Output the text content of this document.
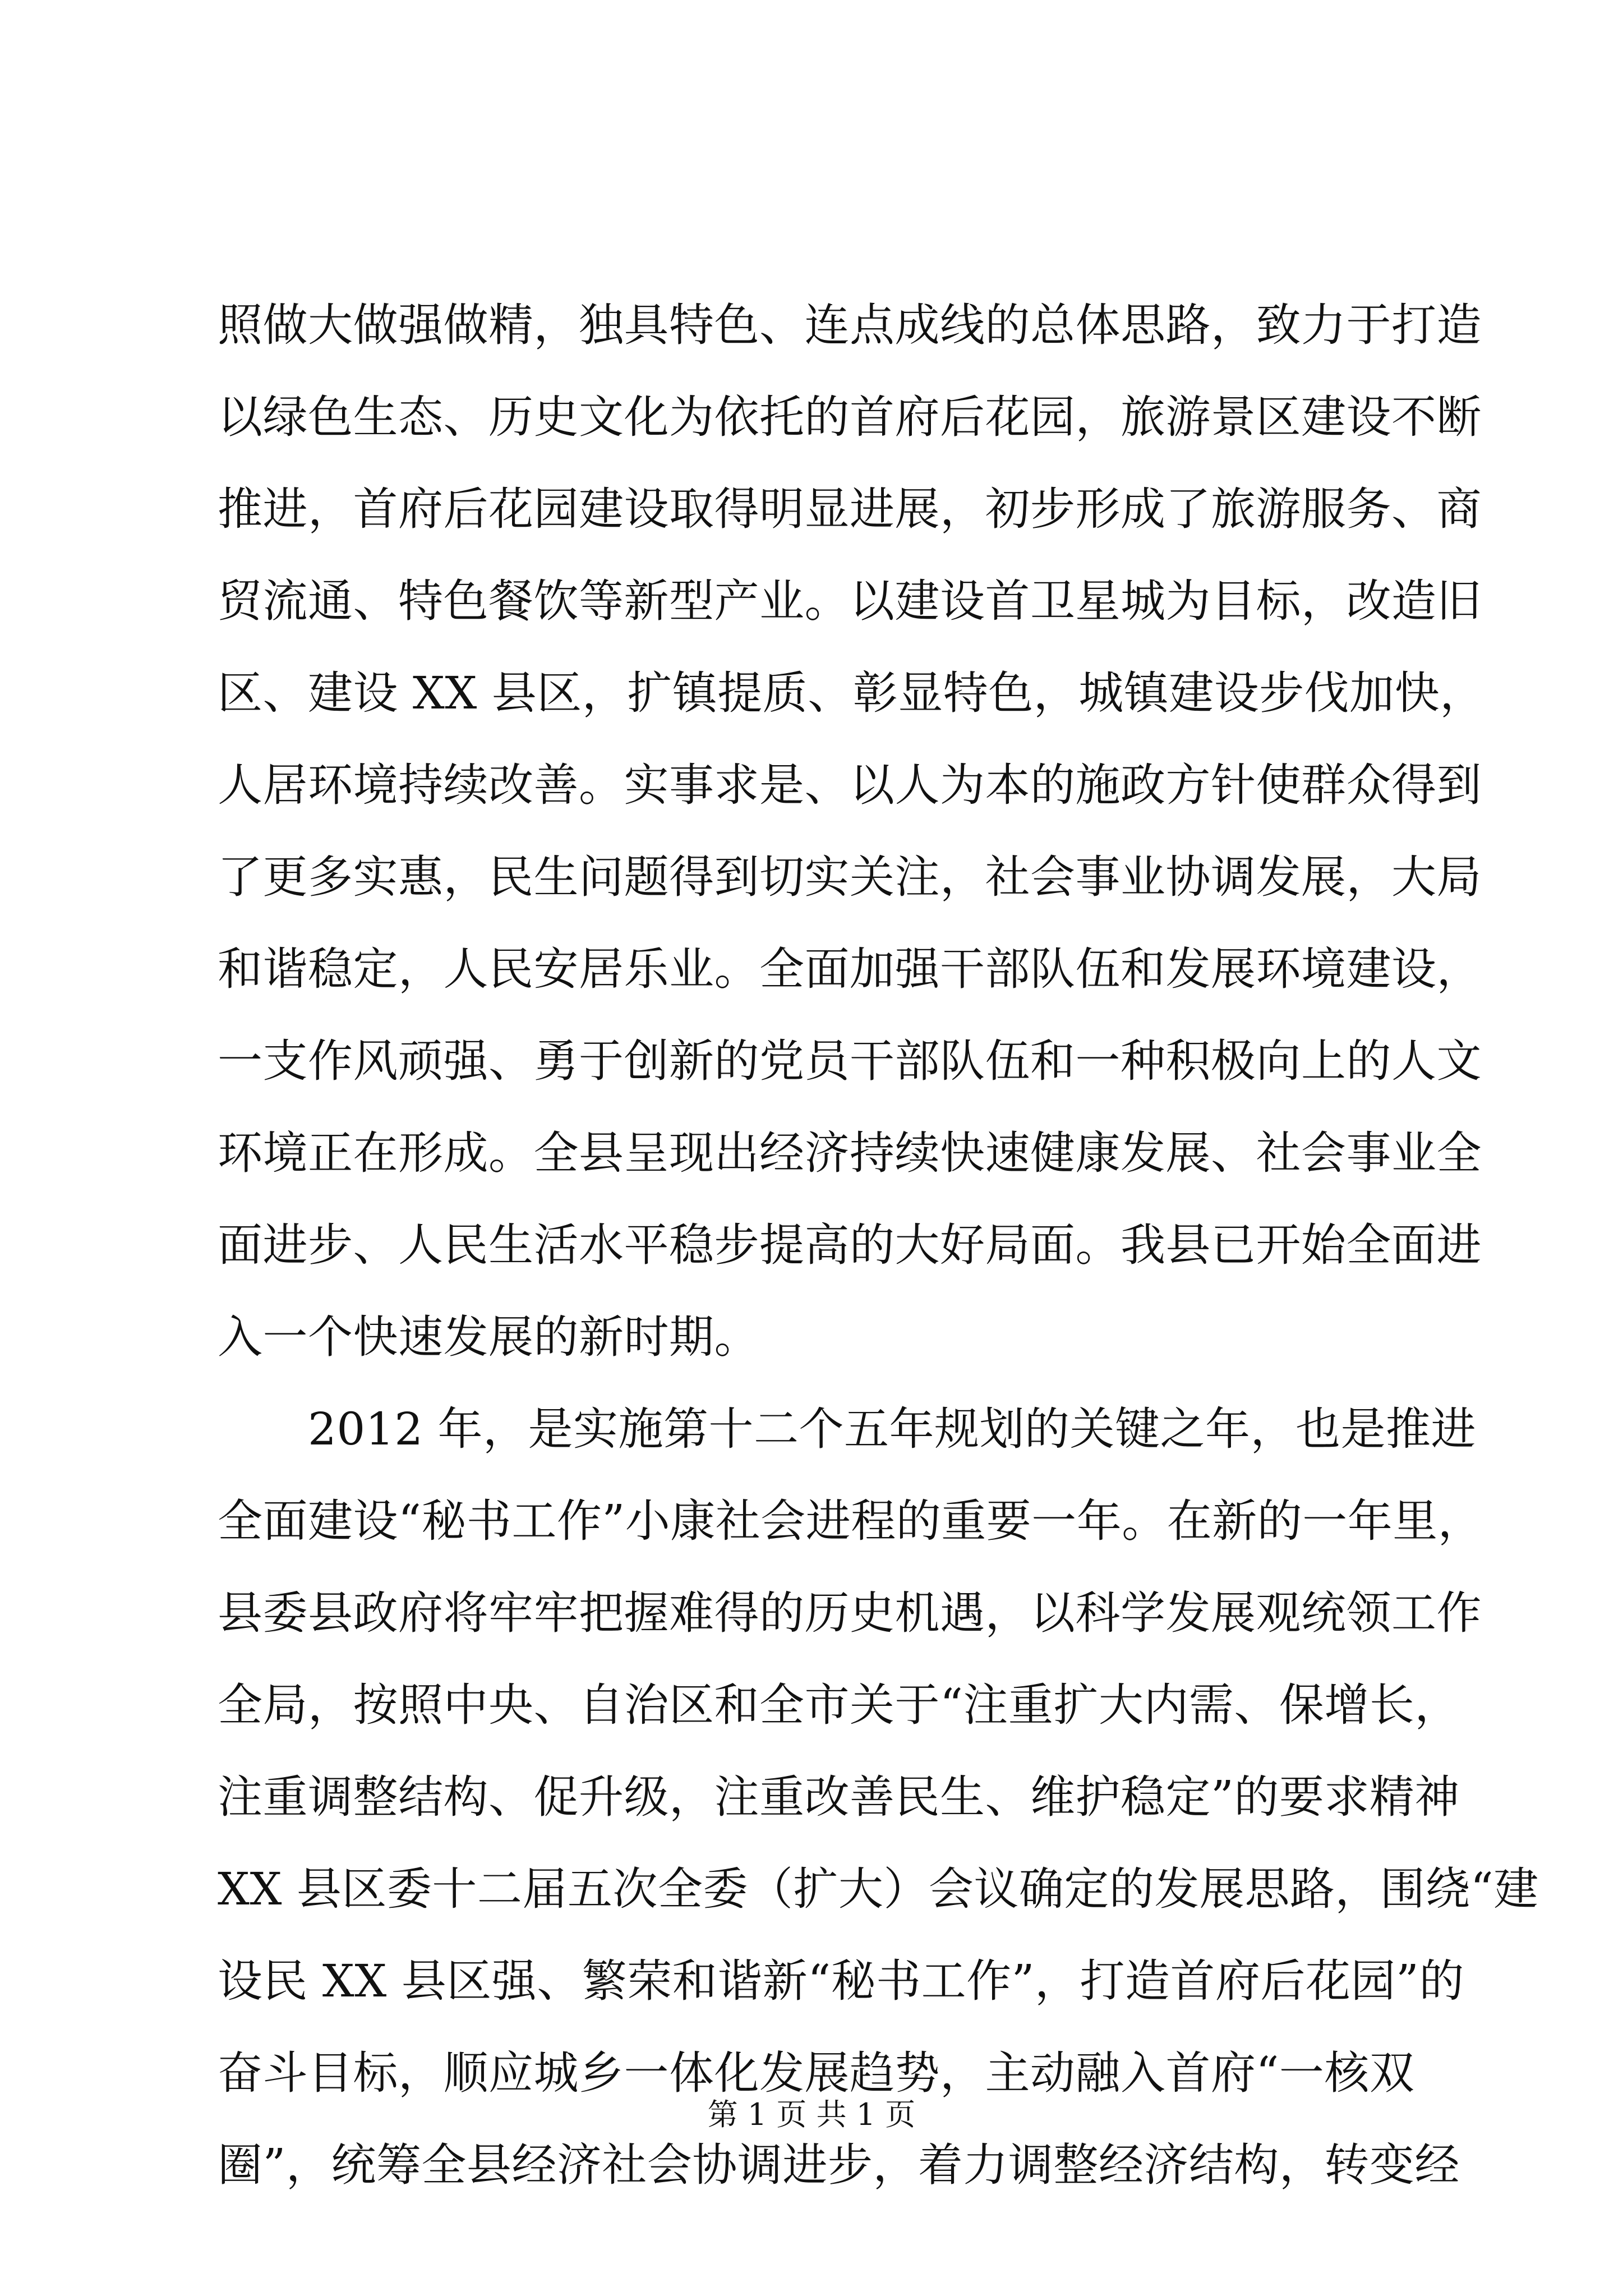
照做大做强做精，独具特色、连点成线的总体思路，致力于打造
以绿色生态、历史文化为依托的首府后花园，旅游景区建设不断
推进，首府后花园建设取得明显进展，初步形成了旅游服务、商
贸流通、特色餐饮等新型产业。以建设首卫星城为目标，改造旧
区、建设 XX 县区，扩镇提质、彰显特色，城镇建设步伐加快，
人居环境持续改善。实事求是、以人为本的施政方针使群众得到
了更多实惠，民生问题得到切实关注，社会事业协调发展，大局
和谐稳定，人民安居乐业。全面加强干部队伍和发展环境建设，
一支作风顽强、勇于创新的党员干部队伍和一种积极向上的人文
环境正在形成。全县呈现出经济持续快速健康发展、社会事业全
面进步、人民生活水平稳步提高的大好局面。我县已开始全面进
入一个快速发展的新时期。
　　2012 年，是实施第十二个五年规划的关键之年，也是推进
全面建设“秘书工作”小康社会进程的重要一年。在新的一年里，
县委县政府将牢牢把握难得的历史机遇，以科学发展观统领工作
全局，按照中央、自治区和全市关于“注重扩大内需、保增长，
注重调整结构、促升级，注重改善民生、维护稳定”的要求精神
XX 县区委十二届五次全委（扩大）会议确定的发展思路，围绕“建
设民 XX 县区强、繁荣和谐新“秘书工作”，打造首府后花园”的
奋斗目标，顺应城乡一体化发展趋势，主动融入首府“一核双
圈”，统筹全县经济社会协调进步，着力调整经济结构，转变经
第 1 页 共 1 页
